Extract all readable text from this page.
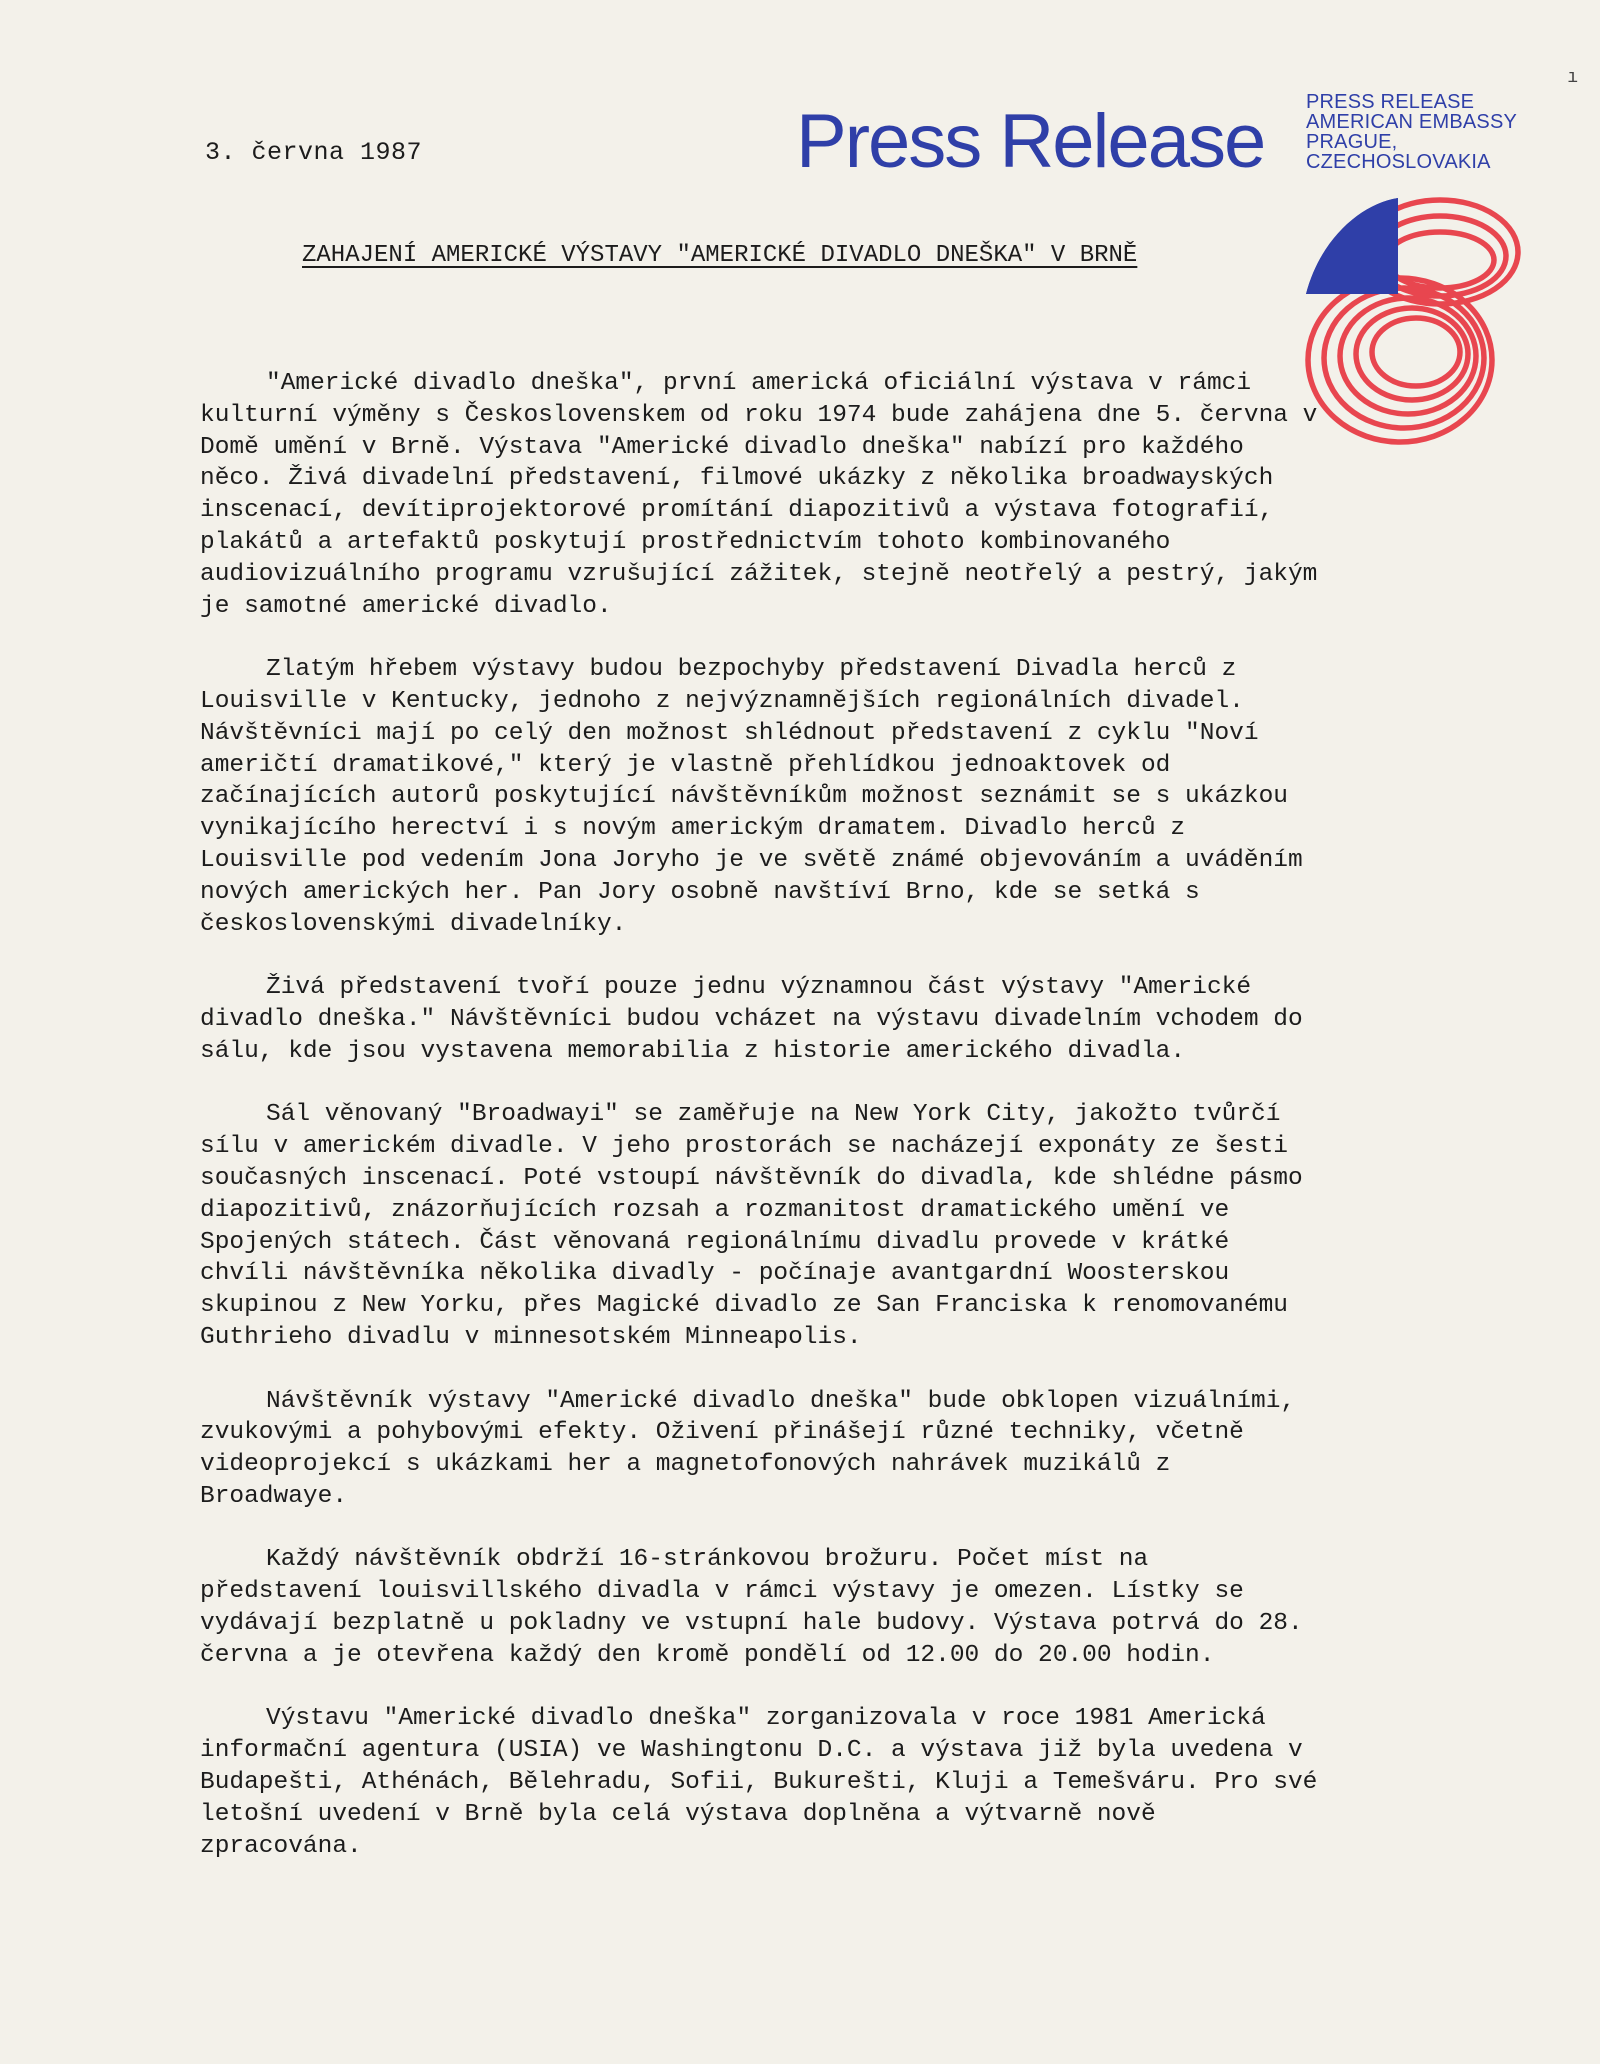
3. června 1987	Press Release PRESS RELEASE
AMERICAN EMBASSY
PRAGUE,
CZECHOSLOVAKIA
ZAHAJENÍ AMERICKÉ VÝSTAVY "AMERICKÉ DIVADLO DNEŠKA" V BRNĚ

"Americké divadlo dneška", první americká oficiální výstava v rámci kulturní výměny s Československem od roku 1974 bude zahájena dne 5. června v Domě umění v Brně. Výstava "Americké divadlo dneška" nabízí pro každého něco. Živá divadelní představení, filmové ukázky z několika broadwayských inscenací, devítiprojektorové promítání diapozitivů a výstava fotografií, plakátů a artefaktů poskytují prostřednictvím tohoto kombinovaného audiovizuálního programu vzrušující zážitek, stejně neotřelý a pestrý, jakým je samotné americké divadlo.

Zlatým hřebem výstavy budou bezpochyby představení Divadla herců z Louisville v Kentucky, jednoho z nejvýznamnějších regionálních divadel. Návštěvníci mají po celý den možnost shlédnout představení z cyklu "Noví američtí dramatikové," který je vlastně přehlídkou jednoaktovek od začínajících autorů poskytující návštěvníkům možnost seznámit se s ukázkou vynikajícího herectví i s novým americkým dramatem. Divadlo herců z Louisville pod vedením Jona Joryho je ve světě známé objevováním a uváděním nových amerických her. Pan Jory osobně navštíví Brno, kde se setká s československými divadelníky.

Živá představení tvoří pouze jednu významnou část výstavy "Americké divadlo dneška." Návštěvníci budou vcházet na výstavu divadelním vchodem do sálu, kde jsou vystavena memorabilia z historie amerického divadla.

Sál věnovaný "Broadwayi" se zaměřuje na New York City, jakožto tvůrčí sílu v americkém divadle. V jeho prostorách se nacházejí exponáty ze šesti současných inscenací. Poté vstoupí návštěvník do divadla, kde shlédne pásmo diapozitivů, znázorňujících rozsah a rozmanitost dramatického umění ve Spojených státech. Část věnovaná regionálnímu divadlu provede v krátké chvíli návštěvníka několika divadly - počínaje avantgardní Woosterskou skupinou z New Yorku, přes Magické divadlo ze San Franciska k renomovanému Guthrieho divadlu v minnesotském Minneapolis.

Návštěvník výstavy "Americké divadlo dneška" bude obklopen vizuálními, zvukovými a pohybovými efekty. Oživení přinášejí různé techniky, včetně videoprojekcí s ukázkami her a magnetofonových nahrávek muzikálů z Broadwaye.

Každý návštěvník obdrží 16-stránkovou brožuru. Počet míst na představení louisvillského divadla v rámci výstavy je omezen. Lístky se vydávají bezplatně u pokladny ve vstupní hale budovy. Výstava potrvá do 28. června a je otevřena každý den kromě pondělí od 12.00 do 20.00 hodin.

Výstavu "Americké divadlo dneška" zorganizovala v roce 1981 Americká informační agentura (USIA) ve Washingtonu D.C. a výstava již byla uvedena v Budapešti, Athénách, Bělehradu, Sofii, Bukurešti, Kluji a Temešváru. Pro své letošní uvedení v Brně byla celá výstava doplněna a výtvarně nově zpracována.

ı
